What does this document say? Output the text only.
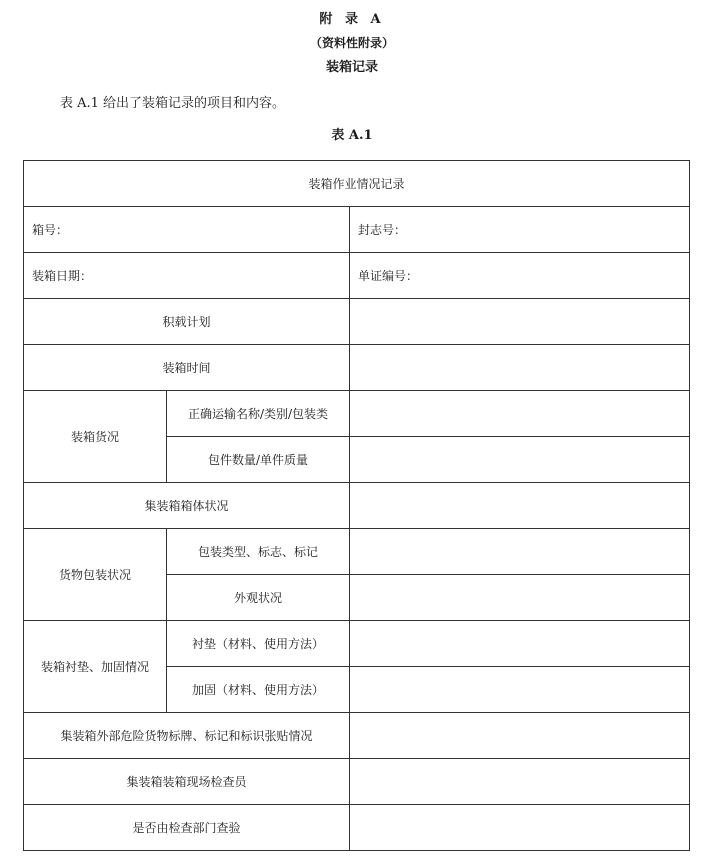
附 录 A
（资料性附录）
装箱记录
表 A.1 给出了装箱记录的项目和内容。
表 A.1
装箱作业情况记录		
箱号：		封志号：
装箱日期：		单证编号：
积载计划		
装箱时间		
装箱货况	正确运输名称/类别/包装类	
	包件数量/单件质量	
集装箱箱体状况		
货物包装状况	包装类型、标志、标记	
	外观状况	
装箱衬垫、加固情况	衬垫（材料、使用方法）	
	加固（材料、使用方法）	
集装箱外部危险货物标牌、标记和标识张贴情况		
集装箱装箱现场检查员		
是否由检查部门查验		
